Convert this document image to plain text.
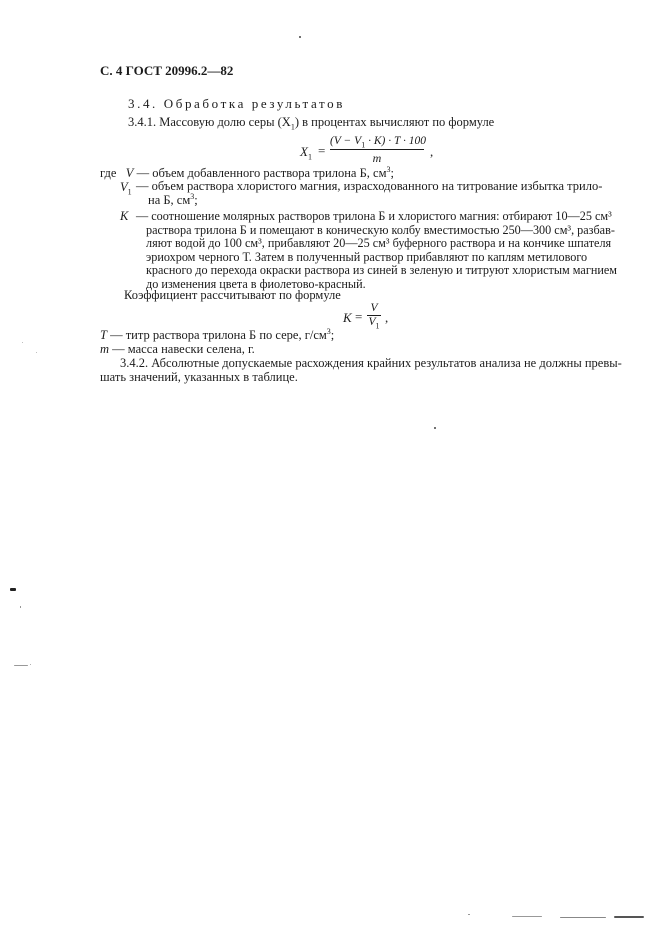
С. 4 ГОСТ 20996.2—82
3.4. Обработка результатов
3.4.1. Массовую долю серы $(X_1)$ в процентах вычисляют по формуле
$X_1$ =
$(V - V_1 \cdot K) \cdot T \cdot 100$
m	,
где V — объем добавленного раствора трилона Б, $см^3$;
$V_1$ — объем раствора хлористого магния, израсходованного на титрование избытка трило-
на Б, $см^3$;
K — соотношение молярных растворов трилона Б и хлористого магния: отбирают 10—25 см³
раствора трилона Б и помещают в коническую колбу вместимостью 250—300 см³, разбав-
ляют водой до 100 см³, прибавляют 20—25 см³ буферного раствора и на кончике шпателя
эриохром черного Т. Затем в полученный раствор прибавляют по каплям метилового
красного до перехода окраски раствора из синей в зеленую и титруют хлористым магнием
до изменения цвета в фиолетово-красный.
Коэффициент рассчитывают по формуле
K =
V
$V_1$
,
T — титр раствора трилона Б по сере, $г/см^3$;
m — масса навески селена, г.
3.4.2. Абсолютные допускаемые расхождения крайних результатов анализа не должны превы-
шать значений, указанных в таблице.
